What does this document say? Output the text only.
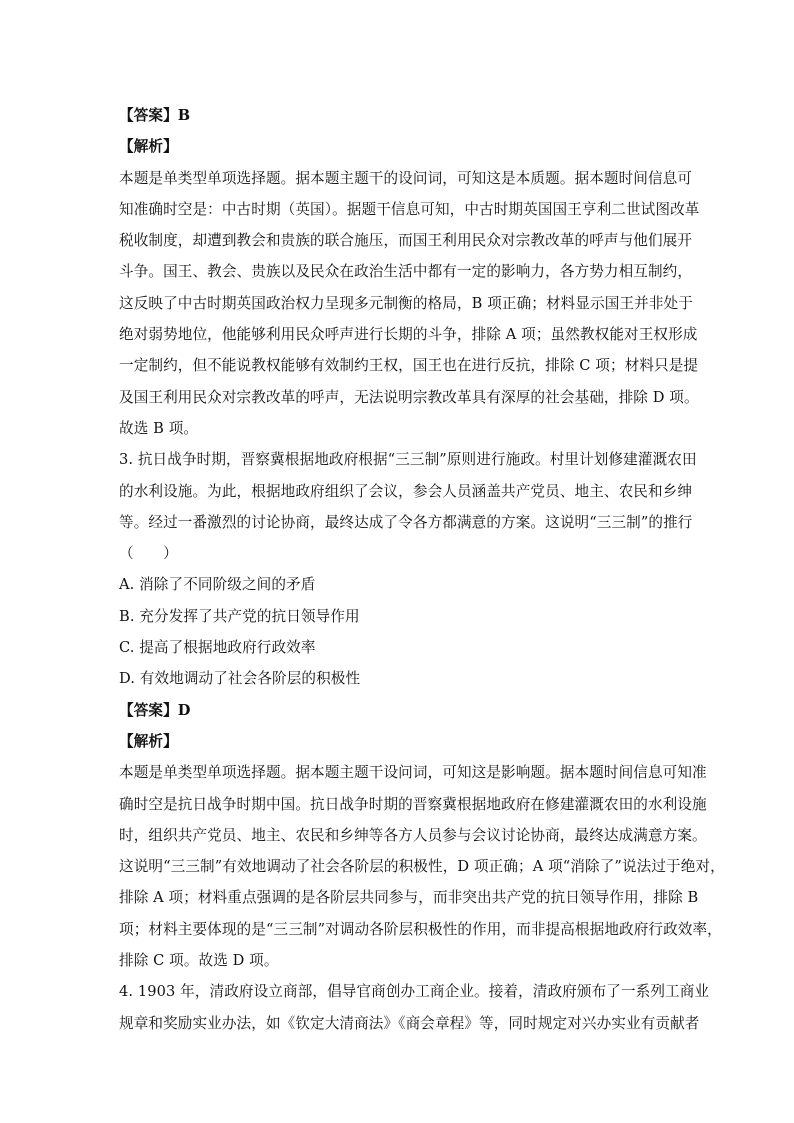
【答案】B
【解析】
本题是单类型单项选择题。据本题主题干的设问词，可知这是本质题。据本题时间信息可
知准确时空是：中古时期（英国）。据题干信息可知，中古时期英国国王亨利二世试图改革
税收制度，却遭到教会和贵族的联合施压，而国王利用民众对宗教改革的呼声与他们展开
斗争。国王、教会、贵族以及民众在政治生活中都有一定的影响力，各方势力相互制约，
这反映了中古时期英国政治权力呈现多元制衡的格局，B 项正确；材料显示国王并非处于
绝对弱势地位，他能够利用民众呼声进行长期的斗争，排除 A 项；虽然教权能对王权形成
一定制约，但不能说教权能够有效制约王权，国王也在进行反抗，排除 C 项；材料只是提
及国王利用民众对宗教改革的呼声，无法说明宗教改革具有深厚的社会基础，排除 D 项。
故选 B 项。
3. 抗日战争时期，晋察冀根据地政府根据“三三制”原则进行施政。村里计划修建灌溉农田
的水利设施。为此，根据地政府组织了会议，参会人员涵盖共产党员、地主、农民和乡绅
等。经过一番激烈的讨论协商，最终达成了令各方都满意的方案。这说明“三三制”的推行
（　　）
A. 消除了不同阶级之间的矛盾
B. 充分发挥了共产党的抗日领导作用
C. 提高了根据地政府行政效率
D. 有效地调动了社会各阶层的积极性
【答案】D
【解析】
本题是单类型单项选择题。据本题主题干设问词，可知这是影响题。据本题时间信息可知准
确时空是抗日战争时期中国。抗日战争时期的晋察冀根据地政府在修建灌溉农田的水利设施
时，组织共产党员、地主、农民和乡绅等各方人员参与会议讨论协商，最终达成满意方案。
这说明“三三制”有效地调动了社会各阶层的积极性，D 项正确；A 项“消除了”说法过于绝对，
排除 A 项；材料重点强调的是各阶层共同参与，而非突出共产党的抗日领导作用，排除 B
项；材料主要体现的是“三三制”对调动各阶层积极性的作用，而非提高根据地政府行政效率，
排除 C 项。故选 D 项。
4. 1903 年，清政府设立商部，倡导官商创办工商企业。接着，清政府颁布了一系列工商业
规章和奖励实业办法，如《钦定大清商法》《商会章程》等，同时规定对兴办实业有贡献者
